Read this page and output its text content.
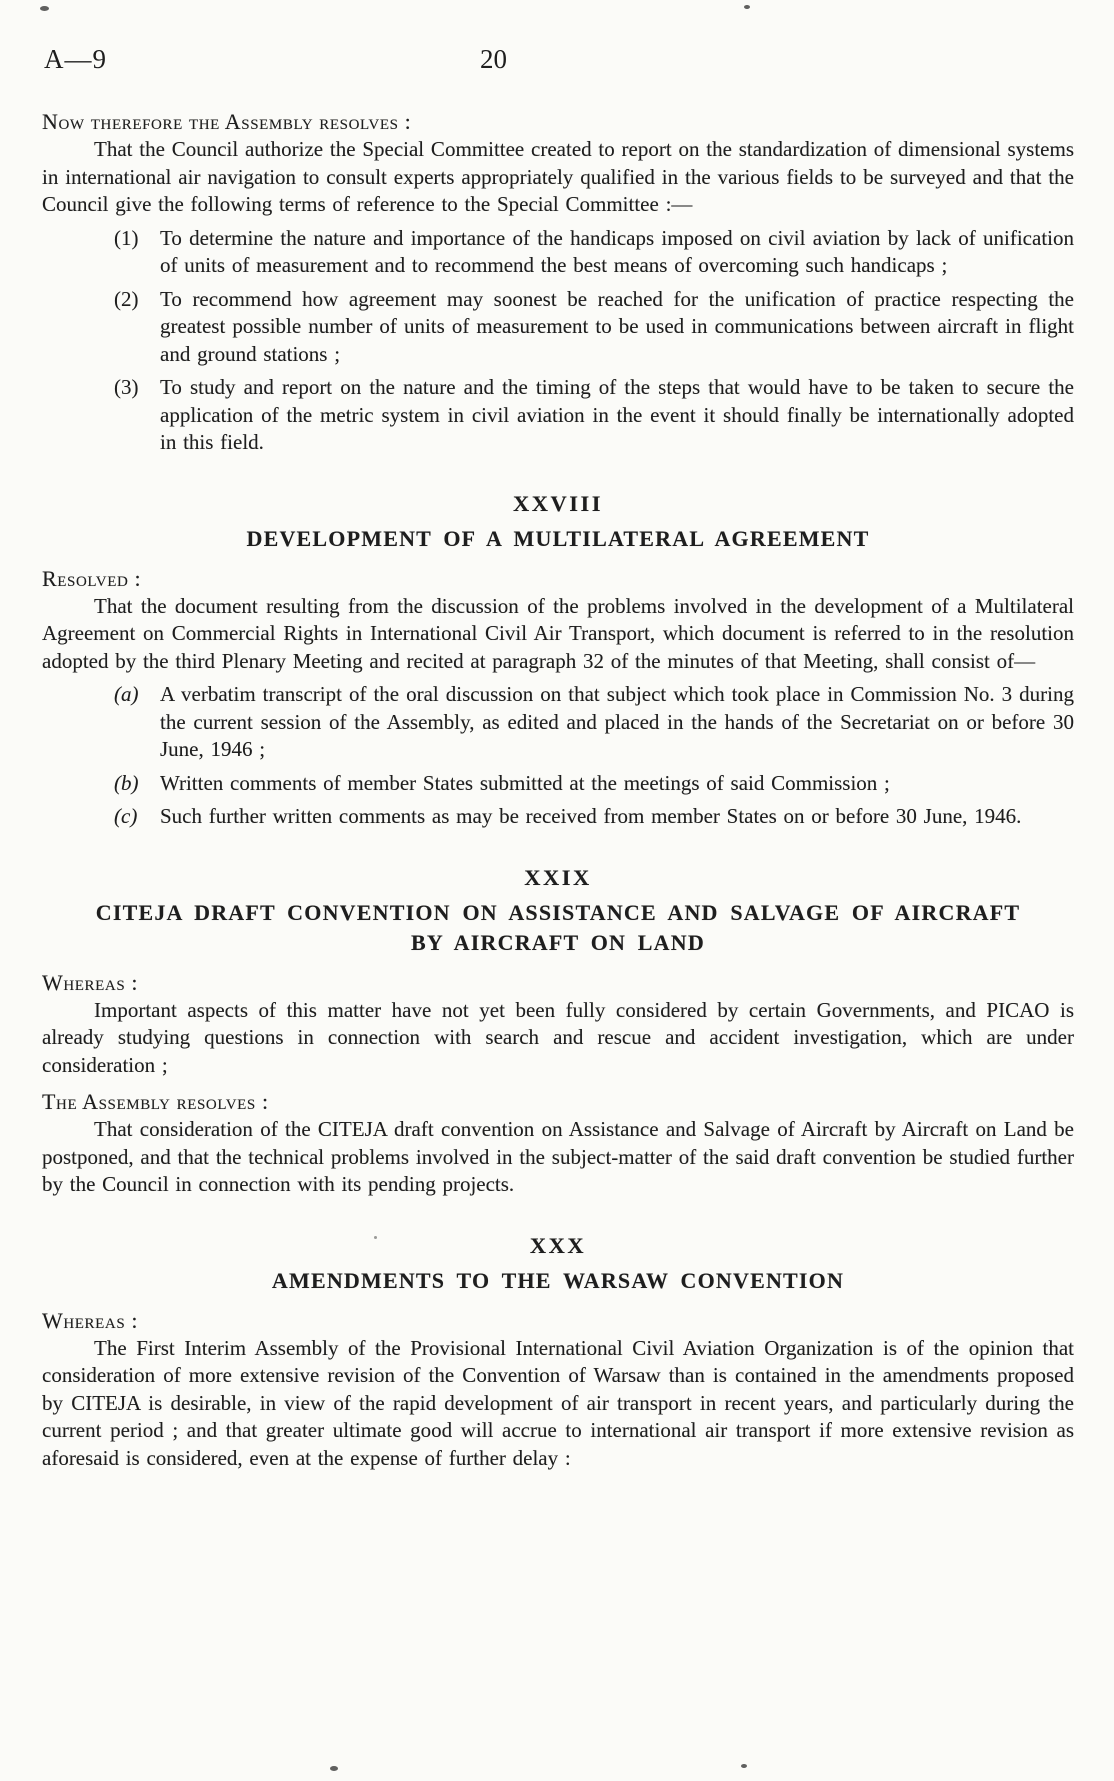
A—9	20

Now therefore the Assembly resolves :

That the Council authorize the Special Committee created to report on the standardization of dimensional systems in international air navigation to consult experts appropriately qualified in the various fields to be surveyed and that the Council give the following terms of reference to the Special Committee :—

(1) To determine the nature and importance of the handicaps imposed on civil aviation by lack of unification of units of measurement and to recommend the best means of overcoming such handicaps ;
(2) To recommend how agreement may soonest be reached for the unification of practice respecting the greatest possible number of units of measurement to be used in communications between aircraft in flight and ground stations ;
(3) To study and report on the nature and the timing of the steps that would have to be taken to secure the application of the metric system in civil aviation in the event it should finally be internationally adopted in this field.
XXVIII
DEVELOPMENT OF A MULTILATERAL AGREEMENT

Resolved :

That the document resulting from the discussion of the problems involved in the development of a Multilateral Agreement on Commercial Rights in International Civil Air Transport, which document is referred to in the resolution adopted by the third Plenary Meeting and recited at paragraph 32 of the minutes of that Meeting, shall consist of—

(a) A verbatim transcript of the oral discussion on that subject which took place in Commission No. 3 during the current session of the Assembly, as edited and placed in the hands of the Secretariat on or before 30 June, 1946 ;
(b) Written comments of member States submitted at the meetings of said Commission ;
(c) Such further written comments as may be received from member States on or before 30 June, 1946.
XXIX
CITEJA DRAFT CONVENTION ON ASSISTANCE AND SALVAGE OF AIRCRAFT
BY AIRCRAFT ON LAND

Whereas :

Important aspects of this matter have not yet been fully considered by certain Governments, and PICAO is already studying questions in connection with search and rescue and accident investigation, which are under consideration ;

The Assembly resolves :

That consideration of the CITEJA draft convention on Assistance and Salvage of Aircraft by Aircraft on Land be postponed, and that the technical problems involved in the subject-matter of the said draft convention be studied further by the Council in connection with its pending projects.

XXX
AMENDMENTS TO THE WARSAW CONVENTION

Whereas :

The First Interim Assembly of the Provisional International Civil Aviation Organization is of the opinion that consideration of more extensive revision of the Convention of Warsaw than is contained in the amendments proposed by CITEJA is desirable, in view of the rapid development of air transport in recent years, and particularly during the current period ; and that greater ultimate good will accrue to international air transport if more extensive revision as aforesaid is considered, even at the expense of further delay :
